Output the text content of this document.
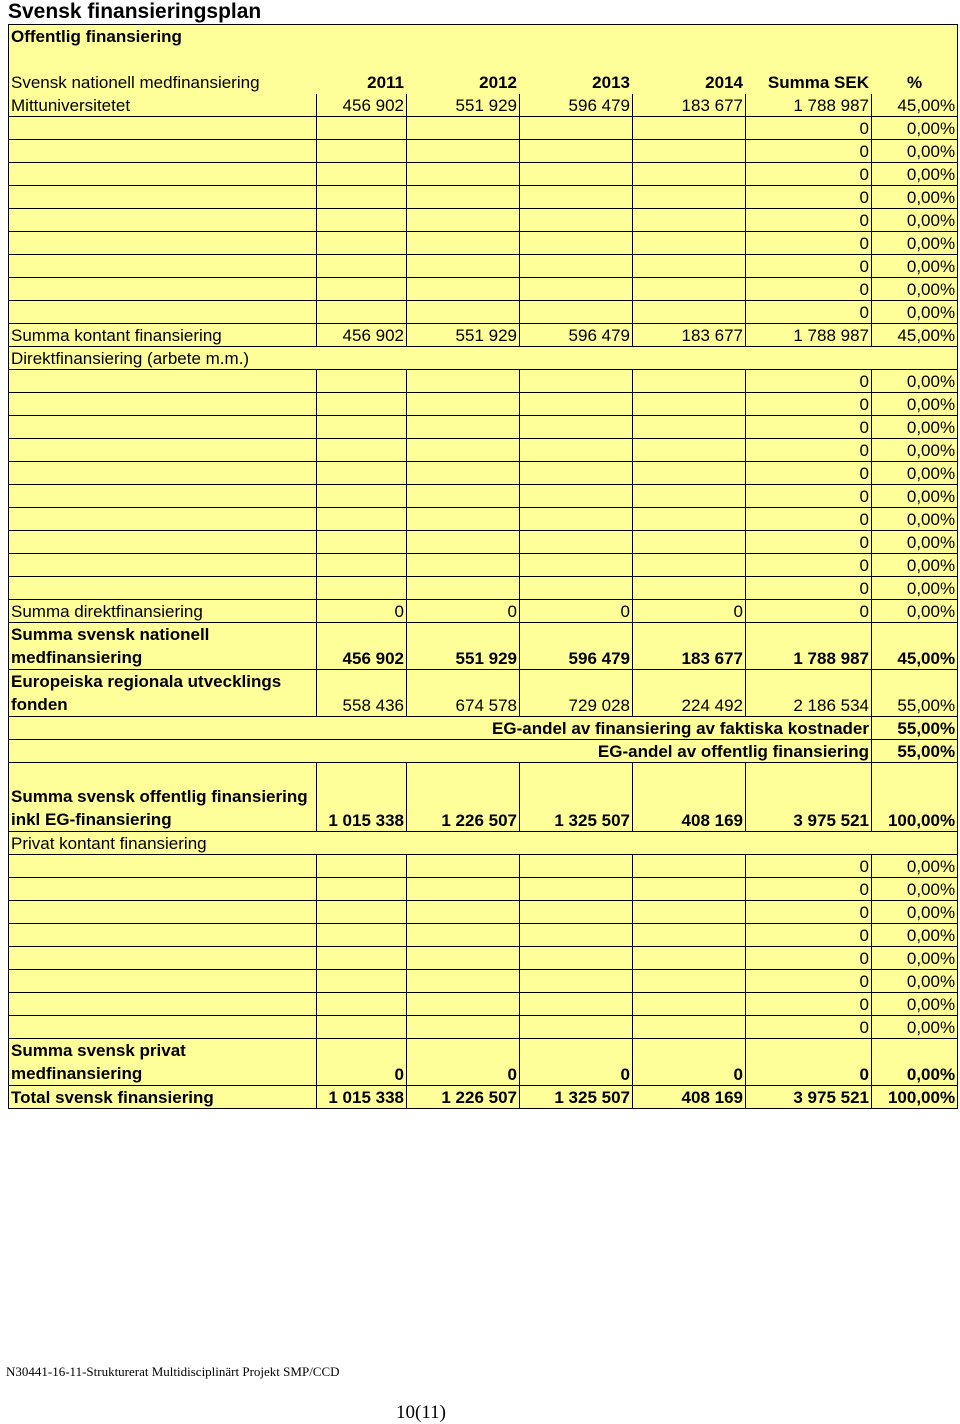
Svensk finansieringsplan
Offentlig finansiering							

Svensk nationell medfinansiering	2011	2012	2013	2014	Summa SEK	%	
Mittuniversitetet	456 902	551 929	596 479	183 677	1 788 987	45,00%	
					0	0,00%	
					0	0,00%	
					0	0,00%	
					0	0,00%	
					0	0,00%	
					0	0,00%	
					0	0,00%	
					0	0,00%	
					0	0,00%	
Summa kontant finansiering	456 902	551 929	596 479	183 677	1 788 987	45,00%	
Direktfinansiering (arbete m.m.)							
					0	0,00%	
					0	0,00%	
					0	0,00%	
					0	0,00%	
					0	0,00%	
					0	0,00%	
					0	0,00%	
					0	0,00%	
					0	0,00%	
					0	0,00%	
Summa direktfinansiering	0	0	0	0	0	0,00%	
Summa svensk nationell medfinansiering	456 902	551 929	596 479	183 677	1 788 987	45,00%	
Europeiska regionala utvecklings fonden	558 436	674 578	729 028	224 492	2 186 534	55,00%	
EG-andel av finansiering av faktiska kostnader						55,00%	
EG-andel av offentlig finansiering						55,00%	
Summa svensk offentlig finansiering inkl EG-finansiering	1 015 338	1 226 507	1 325 507	408 169	3 975 521	100,00%	
Privat kontant finansiering							
					0	0,00%	
					0	0,00%	
					0	0,00%	
					0	0,00%	
					0	0,00%	
					0	0,00%	
					0	0,00%	
					0	0,00%	
Summa svensk privat medfinansiering	0	0	0	0	0	0,00%	
Total svensk finansiering	1 015 338	1 226 507	1 325 507	408 169	3 975 521	100,00%	
N30441-16-11-Strukturerat Multidisciplinärt Projekt SMP/CCD
10(11)
